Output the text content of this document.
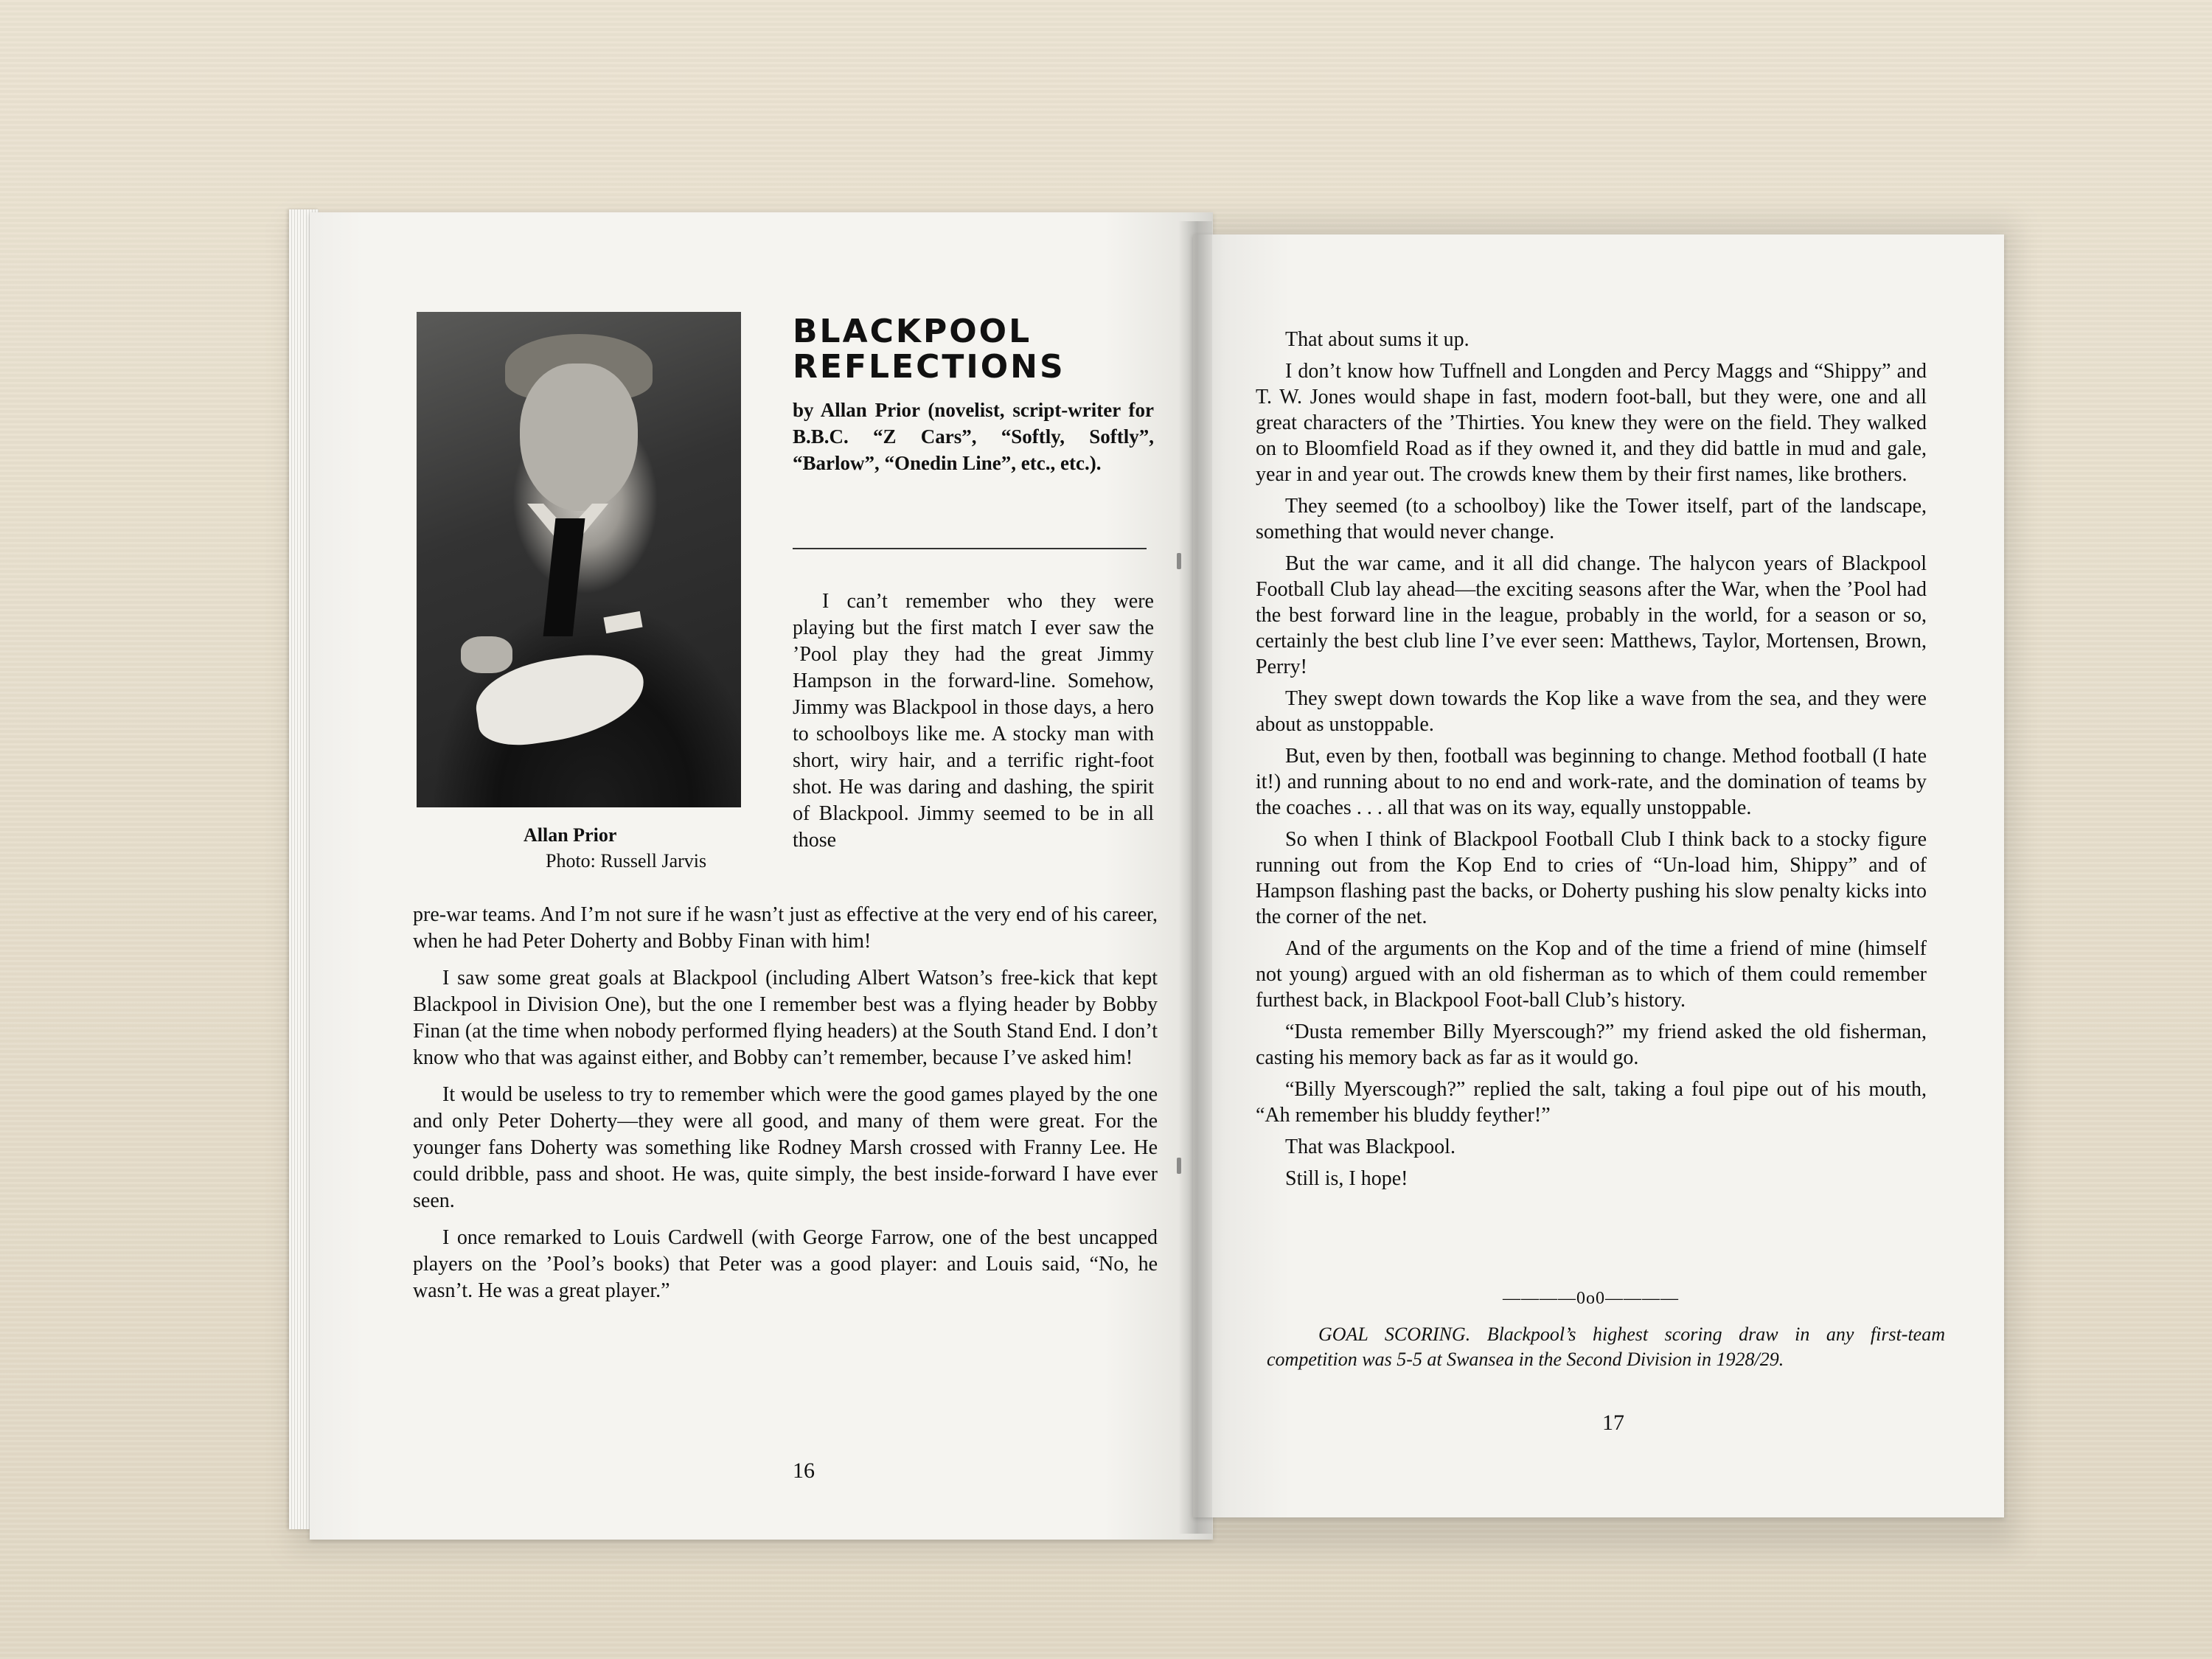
Allan Prior
Photo: Russell Jarvis
BLACKPOOL
REFLECTIONS
by Allan Prior (novelist, script-writer for B.B.C. “Z Cars”, “Softly, Softly”, “Barlow”, “Onedin Line”, etc., etc.).

I can’t remember who they were playing but the first match I ever saw the ’Pool play they had the great Jimmy Hampson in the forward-line. Somehow, Jimmy was Blackpool in those days, a hero to schoolboys like me. A stocky man with short, wiry hair, and a terrific right-foot shot. He was daring and dashing, the spirit of Blackpool. Jimmy seemed to be in all those

pre-war teams. And I’m not sure if he wasn’t just as effective at the very end of his career, when he had Peter Doherty and Bobby Finan with him!

I saw some great goals at Blackpool (including Albert Watson’s free-kick that kept Blackpool in Division One), but the one I remember best was a flying header by Bobby Finan (at the time when nobody performed flying headers) at the South Stand End. I don’t know who that was against either, and Bobby can’t remember, because I’ve asked him!

It would be useless to try to remember which were the good games played by the one and only Peter Doherty—they were all good, and many of them were great. For the younger fans Doherty was something like Rodney Marsh crossed with Franny Lee. He could dribble, pass and shoot. He was, quite simply, the best inside-forward I have ever seen.

I once remarked to Louis Cardwell (with George Farrow, one of the best uncapped players on the ’Pool’s books) that Peter was a good player: and Louis said, “No, he wasn’t. He was a great player.”

16

That about sums it up.

I don’t know how Tuffnell and Longden and Percy Maggs and “Shippy” and T. W. Jones would shape in fast, modern foot-ball, but they were, one and all great characters of the ’Thirties. You knew they were on the field. They walked on to Bloomfield Road as if they owned it, and they did battle in mud and gale, year in and year out. The crowds knew them by their first names, like brothers.

They seemed (to a schoolboy) like the Tower itself, part of the landscape, something that would never change.

But the war came, and it all did change. The halycon years of Blackpool Football Club lay ahead—the exciting seasons after the War, when the ’Pool had the best forward line in the league, probably in the world, for a season or so, certainly the best club line I’ve ever seen: Matthews, Taylor, Mortensen, Brown, Perry!

They swept down towards the Kop like a wave from the sea, and they were about as unstoppable.

But, even by then, football was beginning to change. Method football (I hate it!) and running about to no end and work-rate, and the domination of teams by the coaches . . . all that was on its way, equally unstoppable.

So when I think of Blackpool Football Club I think back to a stocky figure running out from the Kop End to cries of “Un-load him, Shippy” and of Hampson flashing past the backs, or Doherty pushing his slow penalty kicks into the corner of the net.

And of the arguments on the Kop and of the time a friend of mine (himself not young) argued with an old fisherman as to which of them could remember furthest back, in Blackpool Foot-ball Club’s history.

“Dusta remember Billy Myerscough?” my friend asked the old fisherman, casting his memory back as far as it would go.

“Billy Myerscough?” replied the salt, taking a foul pipe out of his mouth, “Ah remember his bluddy feyther!”

That was Blackpool.

Still is, I hope!

————0o0————
GOAL SCORING. Blackpool’s highest scoring draw in any first-team competition was 5-5 at Swansea in the Second Division in 1928/29.
17
